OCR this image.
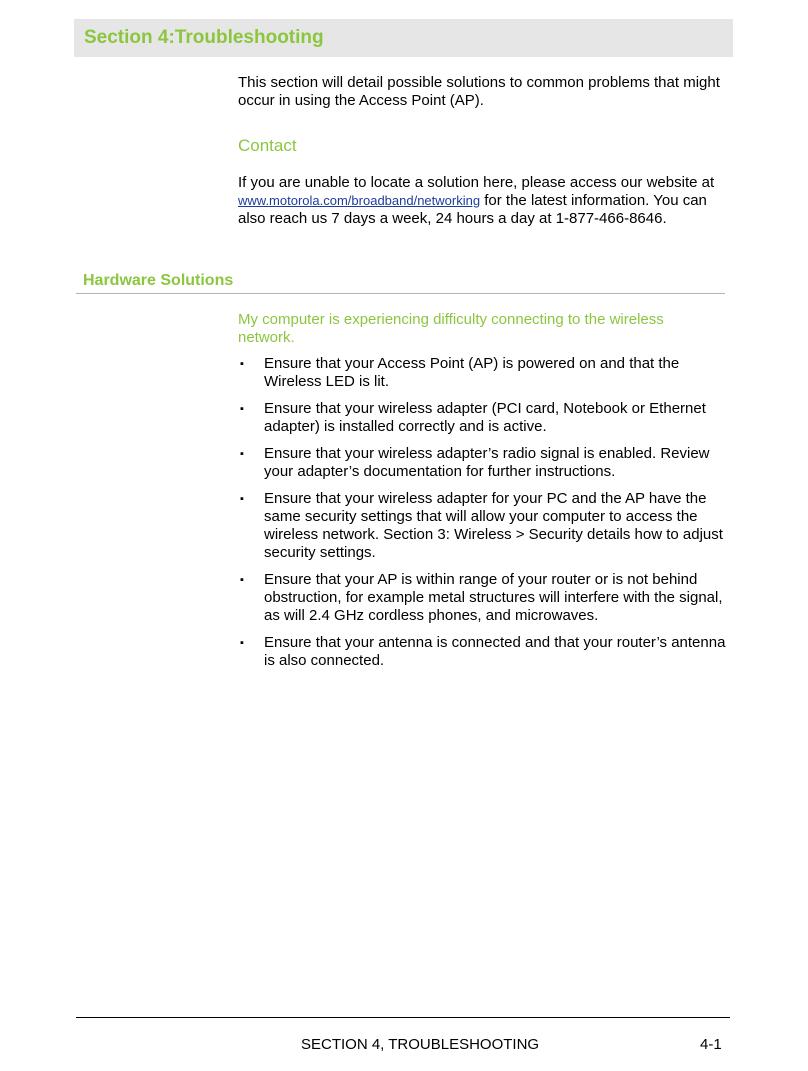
Section 4:Troubleshooting

This section will detail possible solutions to common problems that might occur in using the Access Point (AP).

Contact

If you are unable to locate a solution here, please access our website at www.motorola.com/broadband/networking for the latest information. You can also reach us 7 days a week, 24 hours a day at 1-877-466-8646.

Hardware Solutions

My computer is experiencing difficulty connecting to the wireless network.

▪ Ensure that your Access Point (AP) is powered on and that the Wireless LED is lit.
▪ Ensure that your wireless adapter (PCI card, Notebook or Ethernet adapter) is installed correctly and is active.
▪ Ensure that your wireless adapter’s radio signal is enabled. Review your adapter’s documentation for further instructions.
▪ Ensure that your wireless adapter for your PC and the AP have the same security settings that will allow your computer to access the wireless network. Section 3: Wireless > Security details how to adjust security settings.
▪ Ensure that your AP is within range of your router or is not behind obstruction, for example metal structures will interfere with the signal, as will 2.4 GHz cordless phones, and microwaves.
▪ Ensure that your antenna is connected and that your router’s antenna is also connected.
SECTION 4, TROUBLESHOOTING	4-1
